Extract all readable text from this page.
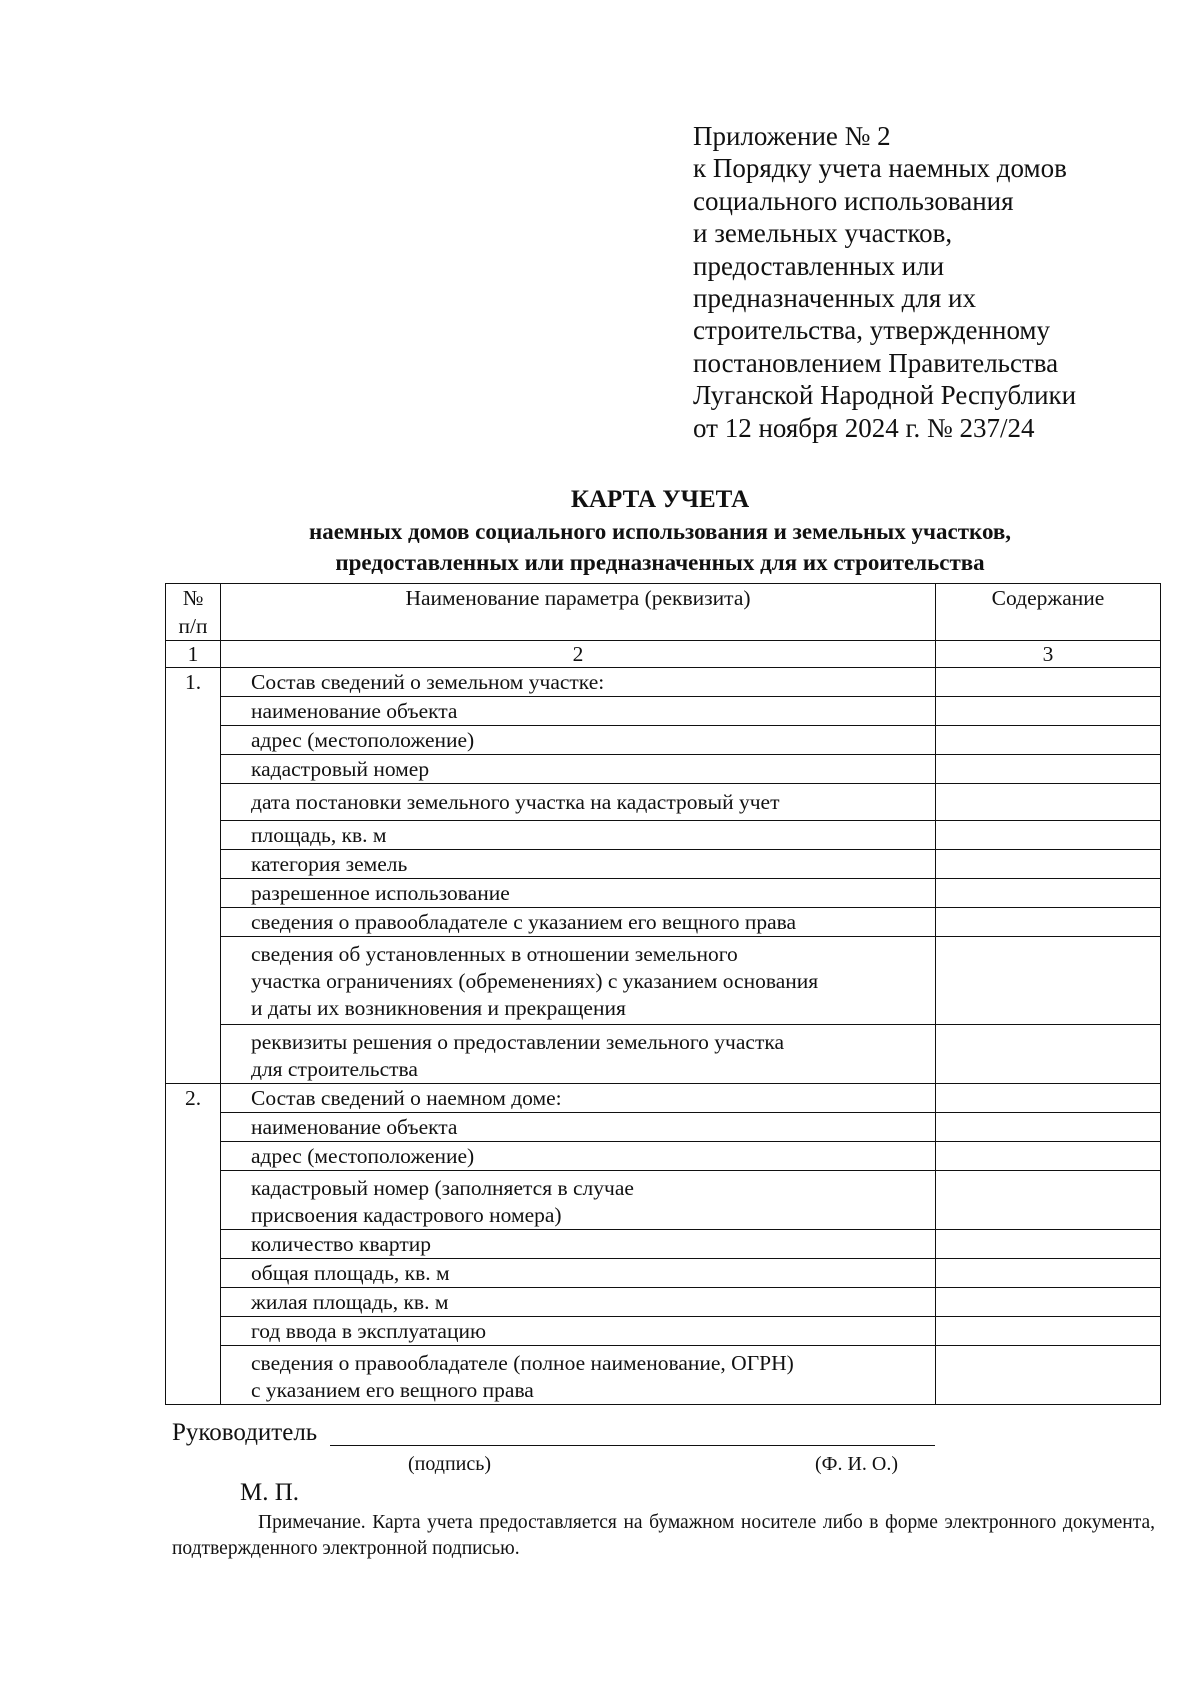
Приложение № 2
к Порядку учета наемных домов
социального использования
и земельных участков,
предоставленных или
предназначенных для их
строительства, утвержденному
постановлением Правительства
Луганской Народной Республики
от 12 ноября 2024 г. № 237/24
КАРТА УЧЕТА
наемных домов социального использования и земельных участков,
предоставленных или предназначенных для их строительства
№
п/п	Наименование параметра (реквизита)	Содержание
1	2	3
1.	Состав сведений о земельном участке:	

	наименование объекта	

	адрес (местоположение)	

	кадастровый номер	

	дата постановки земельного участка на кадастровый учет	

	площадь, кв. м	

	категория земель	

	разрешенное использование	

	сведения о правообладателе с указанием его вещного права	

	сведения об установленных в отношении земельного
участка ограничениях (обременениях) с указанием основания
и даты их возникновения и прекращения	

	реквизиты решения о предоставлении земельного участка
для строительства	

2.	Состав сведений о наемном доме:	

	наименование объекта	

	адрес (местоположение)	

	кадастровый номер (заполняется в случае
присвоения кадастрового номера)	

	количество квартир	

	общая площадь, кв. м	

	жилая площадь, кв. м	

	год ввода в эксплуатацию	

	сведения о правообладателе (полное наименование, ОГРН)
с указанием его вещного права	

Руководитель
(подпись)	(Ф. И. О.)
М. П.
Примечание. Карта учета предоставляется на бумажном носителе либо в форме электронного документа, подтвержденного электронной подписью.
